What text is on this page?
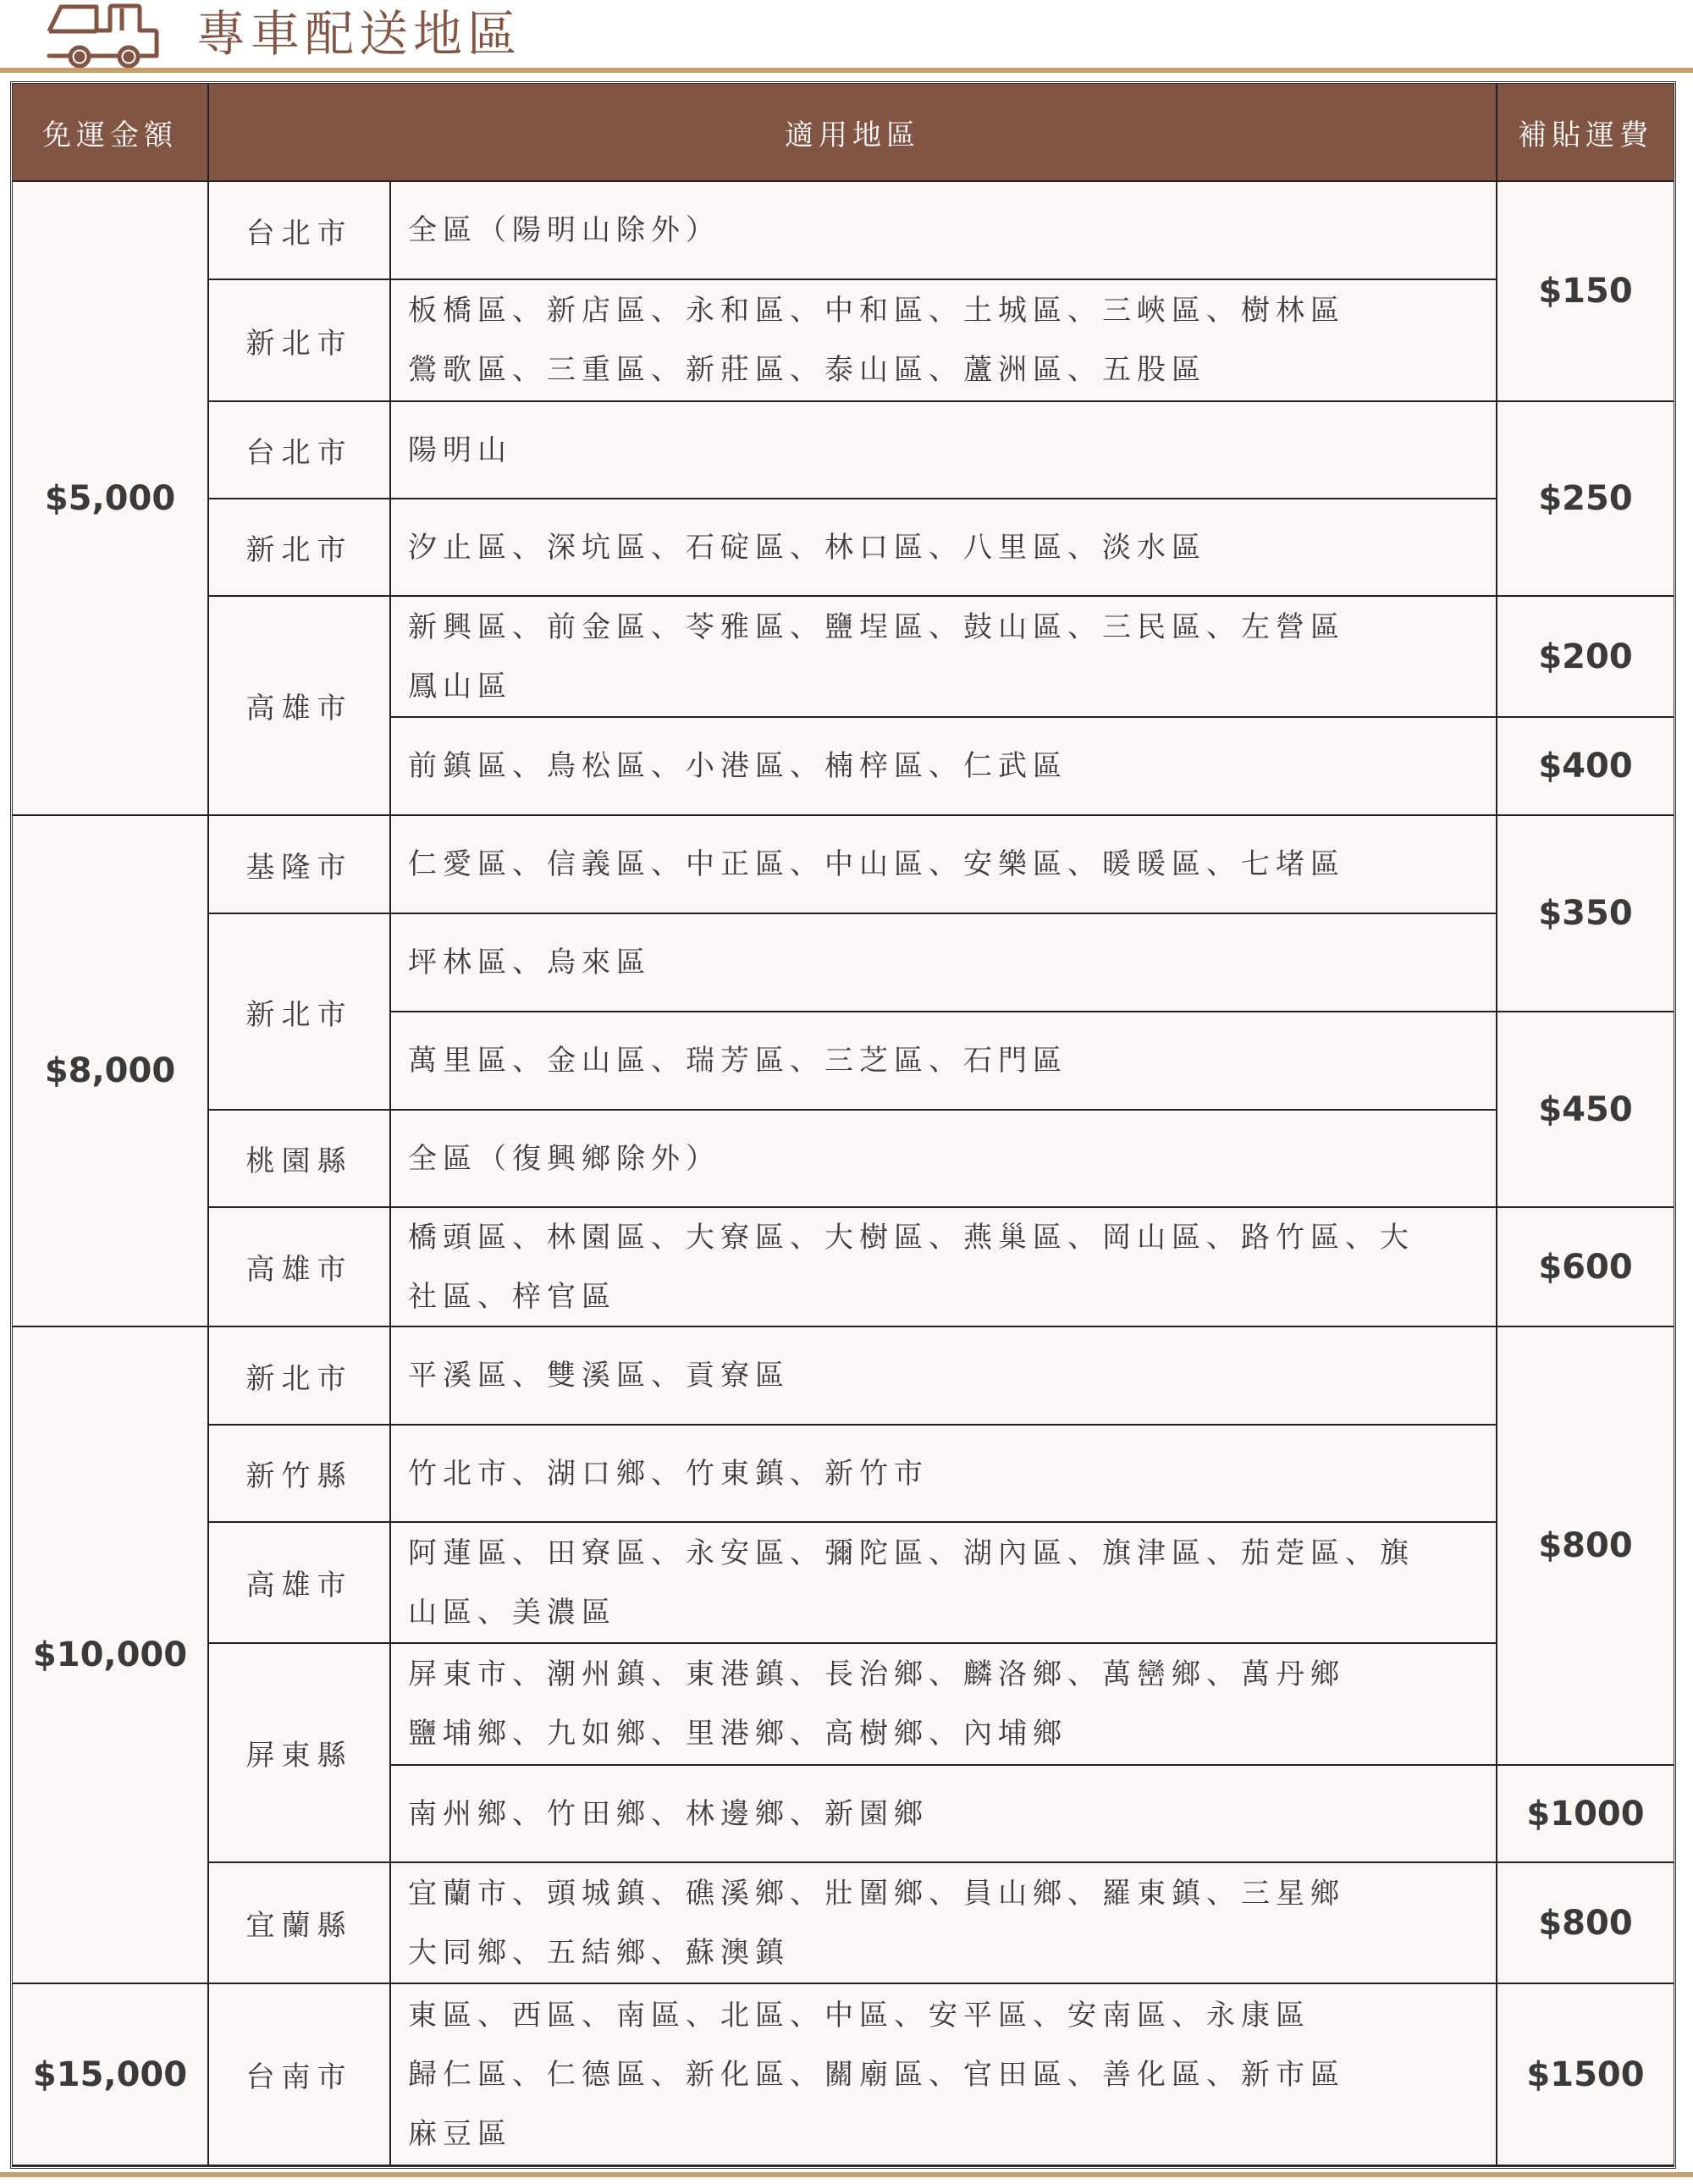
專車配送地區
免運金額	適用地區	補貼運費
$5,000
$8,000
$10,000
$15,000
台北市
新北市
台北市
新北市
高雄市
基隆市
新北市
桃園縣
高雄市
新北市
新竹縣
高雄市
屏東縣
宜蘭縣
台南市
全區（陽明山除外）
板橋區、新店區、永和區、中和區、土城區、三峽區、樹林區
鶯歌區、三重區、新莊區、泰山區、蘆洲區、五股區
陽明山
汐止區、深坑區、石碇區、林口區、八里區、淡水區
新興區、前金區、苓雅區、鹽埕區、鼓山區、三民區、左營區
鳳山區
前鎮區、鳥松區、小港區、楠梓區、仁武區
仁愛區、信義區、中正區、中山區、安樂區、暖暖區、七堵區
坪林區、烏來區
萬里區、金山區、瑞芳區、三芝區、石門區
全區（復興鄉除外）
橋頭區、林園區、大寮區、大樹區、燕巢區、岡山區、路竹區、大
社區、梓官區
平溪區、雙溪區、貢寮區
竹北市、湖口鄉、竹東鎮、新竹市
阿蓮區、田寮區、永安區、彌陀區、湖內區、旗津區、茄萣區、旗
山區、美濃區
屏東市、潮州鎮、東港鎮、長治鄉、麟洛鄉、萬巒鄉、萬丹鄉
鹽埔鄉、九如鄉、里港鄉、高樹鄉、內埔鄉
南州鄉、竹田鄉、林邊鄉、新園鄉
宜蘭市、頭城鎮、礁溪鄉、壯圍鄉、員山鄉、羅東鎮、三星鄉
大同鄉、五結鄉、蘇澳鎮
東區、西區、南區、北區、中區、安平區、安南區、永康區
歸仁區、仁德區、新化區、關廟區、官田區、善化區、新市區
麻豆區
$150
$250
$200
$400
$350
$450
$600
$800
$1000
$800
$1500
